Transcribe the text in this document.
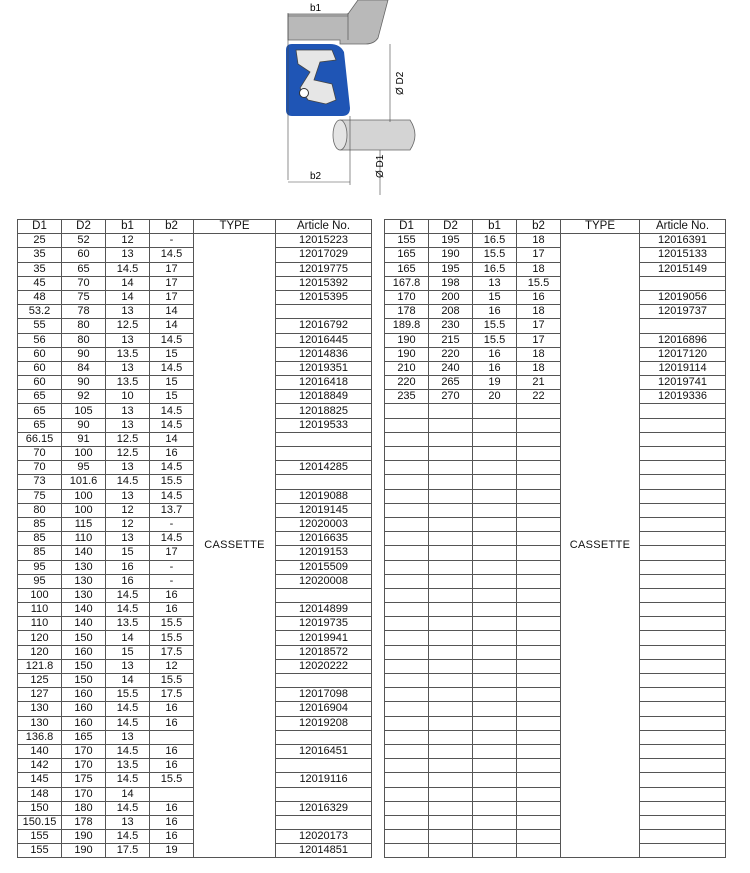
b1
b2
Ø D2
Ø D1
D1	D2	b1	b2	TYPE	Article No.
25	52	12	-	CASSETTE	12015223
35	60	13	14.5		12017029
35	65	14.5	17		12019775
45	70	14	17		12015392
48	75	14	17		12015395
53.2	78	13	14		
55	80	12.5	14		12016792
56	80	13	14.5		12016445
60	90	13.5	15		12014836
60	84	13	14.5		12019351
60	90	13.5	15		12016418
65	92	10	15		12018849
65	105	13	14.5		12018825
65	90	13	14.5		12019533
66.15	91	12.5	14		
70	100	12.5	16		
70	95	13	14.5		12014285
73	101.6	14.5	15.5		
75	100	13	14.5		12019088
80	100	12	13.7		12019145
85	115	12	-		12020003
85	110	13	14.5		12016635
85	140	15	17		12019153
95	130	16	-		12015509
95	130	16	-		12020008
100	130	14.5	16		
110	140	14.5	16		12014899
110	140	13.5	15.5		12019735
120	150	14	15.5		12019941
120	160	15	17.5		12018572
121.8	150	13	12		12020222
125	150	14	15.5		
127	160	15.5	17.5		12017098
130	160	14.5	16		12016904
130	160	14.5	16		12019208
136.8	165	13			
140	170	14.5	16		12016451
142	170	13.5	16		
145	175	14.5	15.5		12019116
148	170	14			
150	180	14.5	16		12016329
150.15	178	13	16		
155	190	14.5	16		12020173
155	190	17.5	19		12014851
D1	D2	b1	b2	TYPE	Article No.
155	195	16.5	18	CASSETTE	12016391
165	190	15.5	17		12015133
165	195	16.5	18		12015149
167.8	198	13	15.5		
170	200	15	16		12019056
178	208	16	18		12019737
189.8	230	15.5	17		
190	215	15.5	17		12016896
190	220	16	18		12017120
210	240	16	18		12019114
220	265	19	21		12019741
235	270	20	22		12019336
